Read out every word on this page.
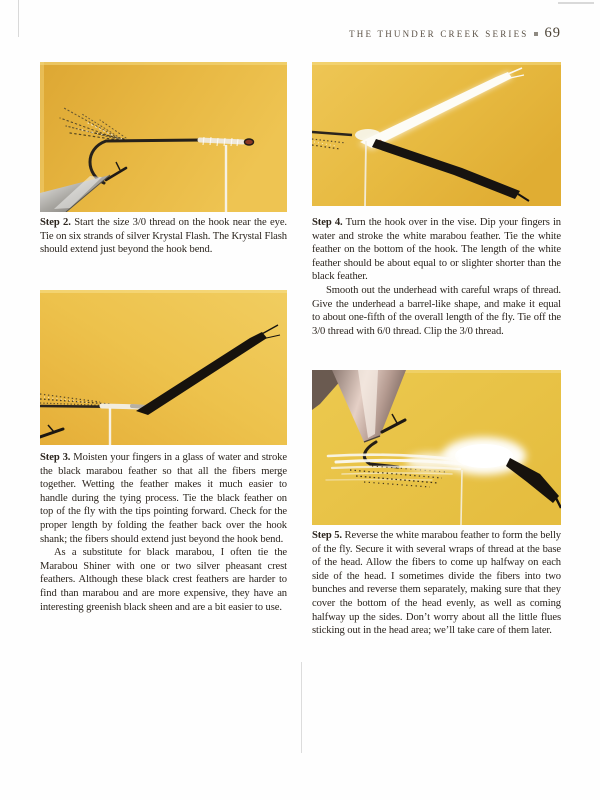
THE THUNDER CREEK SERIES 69

Step 2. Start the size 3/0 thread on the hook near the eye. Tie on six strands of silver Krystal Flash. The Krystal Flash should extend just beyond the hook bend.

Step 3. Moisten your fingers in a glass of water and stroke the black marabou feather so that all the fibers merge together. Wetting the feather makes it much easier to handle during the tying process. Tie the black feather on top of the fly with the tips pointing forward. Check for the proper length by folding the feather back over the hook shank; the fibers should extend just beyond the hook bend.

As a substitute for black marabou, I often tie the Marabou Shiner with one or two silver pheasant crest feathers. Although these black crest feathers are harder to find than marabou and are more expensive, they have an interesting greenish black sheen and are a bit easier to use.

Step 4. Turn the hook over in the vise. Dip your fingers in water and stroke the white marabou feather. Tie the white feather on the bottom of the hook. The length of the white feather should be about equal to or slighter shorter than the black feather.

Smooth out the underhead with careful wraps of thread. Give the underhead a barrel-like shape, and make it equal to about one-fifth of the overall length of the fly. Tie off the 3/0 thread with 6/0 thread. Clip the 3/0 thread.

Step 5. Reverse the white marabou feather to form the belly of the fly. Secure it with several wraps of thread at the base of the head. Allow the fibers to come up halfway on each side of the head. I sometimes divide the fibers into two bunches and reverse them separately, making sure that they cover the bottom of the head evenly, as well as coming halfway up the sides. Don’t worry about all the little flues sticking out in the head area; we’ll take care of them later.
